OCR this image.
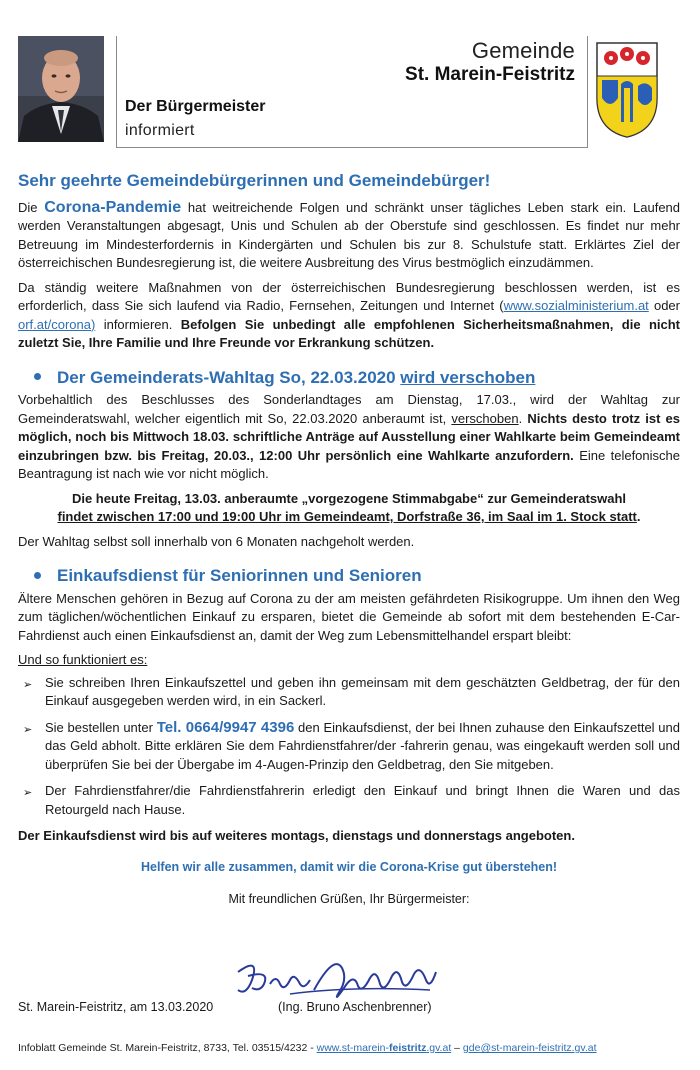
Gemeinde
St. Marein-Feistritz
Der Bürgermeister
informiert
Sehr geehrte Gemeindebürgerinnen und Gemeindebürger!

Die Corona-Pandemie hat weitreichende Folgen und schränkt unser tägliches Leben stark ein. Laufend werden Veranstaltungen abgesagt, Unis und Schulen ab der Oberstufe sind geschlossen. Es findet nur mehr Betreuung im Mindesterfordernis in Kindergärten und Schulen bis zur 8. Schulstufe statt. Erklärtes Ziel der österreichischen Bundesregierung ist, die weitere Ausbreitung des Virus bestmöglich einzudämmen.

Da ständig weitere Maßnahmen von der österreichischen Bundesregierung beschlossen werden, ist es erforderlich, dass Sie sich laufend via Radio, Fernsehen, Zeitungen und Internet (www.sozialministerium.at oder orf.at/corona) informieren. Befolgen Sie unbedingt alle empfohlenen Sicherheitsmaßnahmen, die nicht zuletzt Sie, Ihre Familie und Ihre Freunde vor Erkrankung schützen.

Der Gemeinderats-Wahltag So, 22.03.2020 wird verschoben

Vorbehaltlich des Beschlusses des Sonderlandtages am Dienstag, 17.03., wird der Wahltag zur Gemeinderatswahl, welcher eigentlich mit So, 22.03.2020 anberaumt ist, verschoben. Nichts desto trotz ist es möglich, noch bis Mittwoch 18.03. schriftliche Anträge auf Ausstellung einer Wahlkarte beim Gemeindeamt einzubringen bzw. bis Freitag, 20.03., 12:00 Uhr persönlich eine Wahlkarte anzufordern. Eine telefonische Beantragung ist nach wie vor nicht möglich.

Die heute Freitag, 13.03. anberaumte „vorgezogene Stimmabgabe“ zur Gemeinderatswahl
findet zwischen 17:00 und 19:00 Uhr im Gemeindeamt, Dorfstraße 36, im Saal im 1. Stock statt.

Der Wahltag selbst soll innerhalb von 6 Monaten nachgeholt werden.

Einkaufsdienst für Seniorinnen und Senioren

Ältere Menschen gehören in Bezug auf Corona zu der am meisten gefährdeten Risikogruppe. Um ihnen den Weg zum täglichen/wöchentlichen Einkauf zu ersparen, bietet die Gemeinde ab sofort mit dem bestehenden E-Car-Fahrdienst auch einen Einkaufsdienst an, damit der Weg zum Lebensmittelhandel erspart bleibt:

Und so funktioniert es:
➢ Sie schreiben Ihren Einkaufszettel und geben ihn gemeinsam mit dem geschätzten Geldbetrag, der für den Einkauf ausgegeben werden wird, in ein Sackerl.
➢ Sie bestellen unter Tel. 0664/9947 4396 den Einkaufsdienst, der bei Ihnen zuhause den Einkaufszettel und das Geld abholt. Bitte erklären Sie dem Fahrdienstfahrer/der -fahrerin genau, was eingekauft werden soll und überprüfen Sie bei der Übergabe im 4-Augen-Prinzip den Geldbetrag, den Sie mitgeben.
➢ Der Fahrdienstfahrer/die Fahrdienstfahrerin erledigt den Einkauf und bringt Ihnen die Waren und das Retourgeld nach Hause.

Der Einkaufsdienst wird bis auf weiteres montags, dienstags und donnerstags angeboten.

Helfen wir alle zusammen, damit wir die Corona-Krise gut überstehen!
Mit freundlichen Grüßen, Ihr Bürgermeister:
St. Marein-Feistritz, am 13.03.2020	(Ing. Bruno Aschenbrenner)
Infoblatt Gemeinde St. Marein-Feistritz, 8733, Tel. 03515/4232 - www.st-marein-feistritz.gv.at – gde@st-marein-feistritz.gv.at
